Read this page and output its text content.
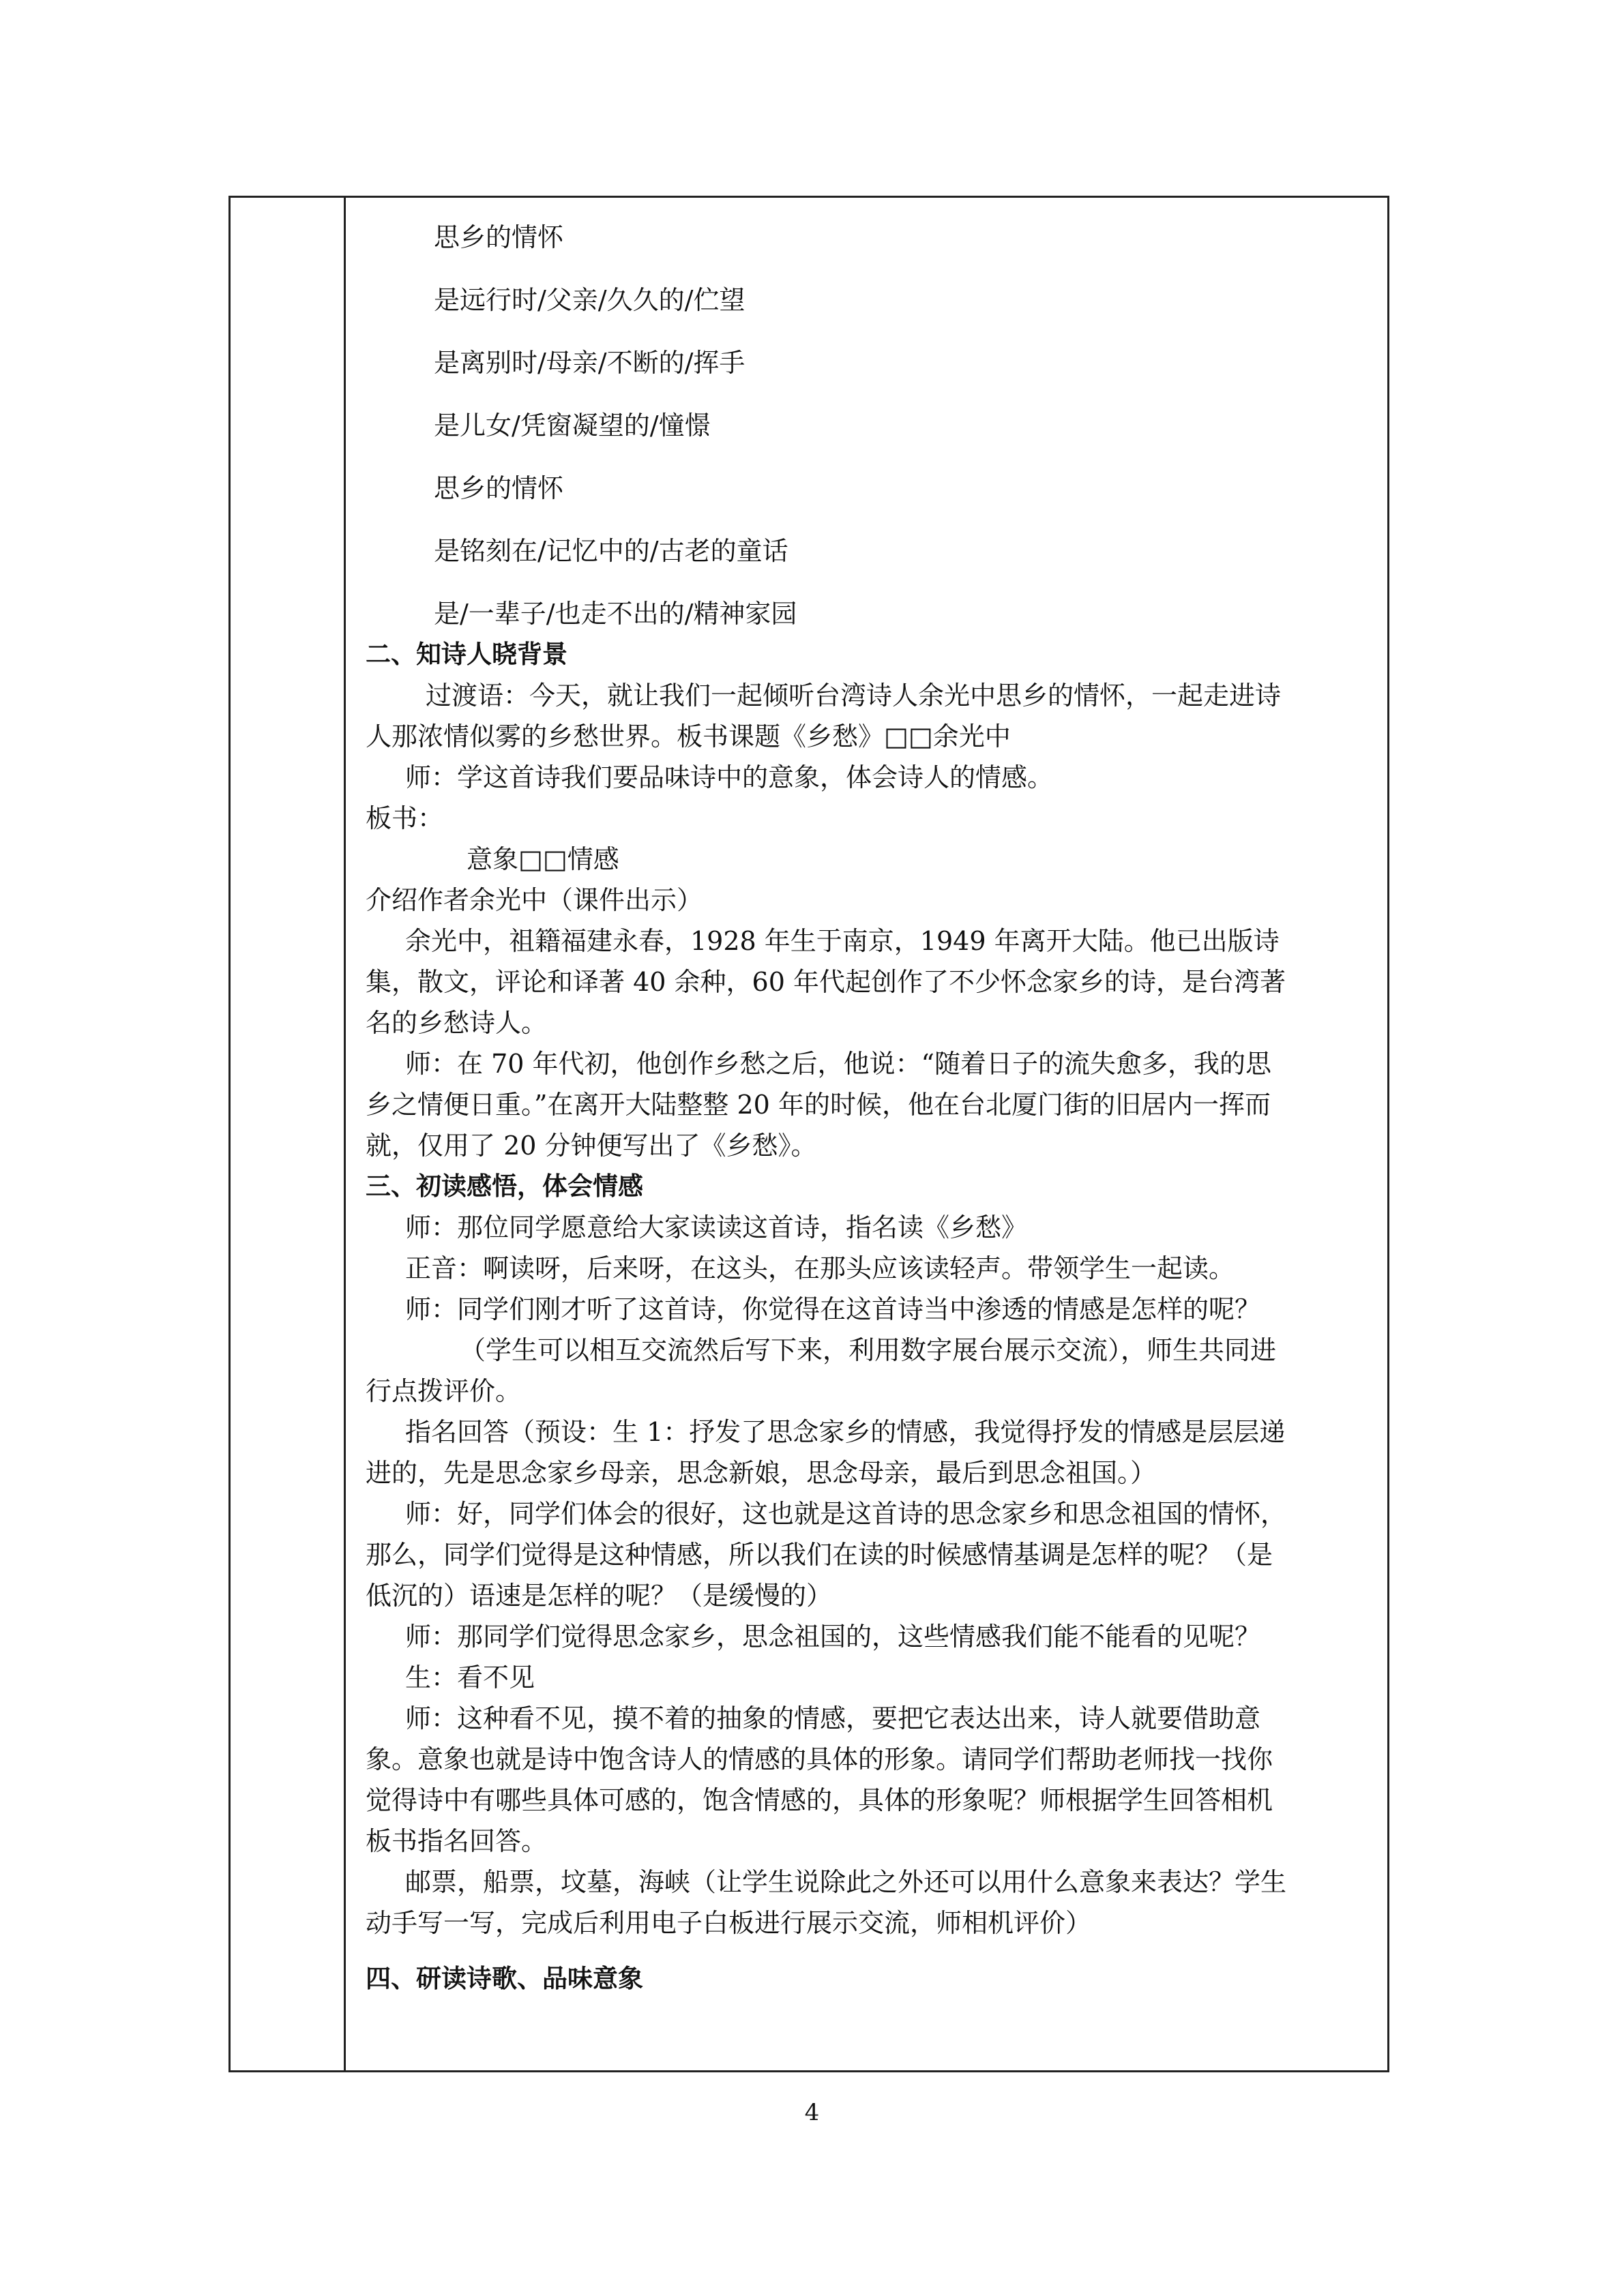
思乡的情怀
是远行时/父亲/久久的/伫望
是离别时/母亲/不断的/挥手
是儿女/凭窗凝望的/憧憬
思乡的情怀
是铭刻在/记忆中的/古老的童话
是/一辈子/也走不出的/精神家园
二、知诗人晓背景
过渡语：今天，就让我们一起倾听台湾诗人余光中思乡的情怀，一起走进诗
人那浓情似雾的乡愁世界。板书课题《乡愁》□□余光中
师：学这首诗我们要品味诗中的意象，体会诗人的情感。
板书：
意象□□情感
介绍作者余光中（课件出示）
余光中，祖籍福建永春，1928 年生于南京，1949 年离开大陆。他已出版诗
集，散文，评论和译著 40 余种，60 年代起创作了不少怀念家乡的诗，是台湾著
名的乡愁诗人。
师：在 70 年代初，他创作乡愁之后，他说：“随着日子的流失愈多，我的思
乡之情便日重。”在离开大陆整整 20 年的时候，他在台北厦门街的旧居内一挥而
就，仅用了 20 分钟便写出了《乡愁》。
三、初读感悟，体会情感
师：那位同学愿意给大家读读这首诗，指名读《乡愁》
正音：啊读呀，后来呀，在这头，在那头应该读轻声。带领学生一起读。
师：同学们刚才听了这首诗，你觉得在这首诗当中渗透的情感是怎样的呢？
（学生可以相互交流然后写下来，利用数字展台展示交流），师生共同进
行点拨评价。
指名回答（预设：生 1：抒发了思念家乡的情感，我觉得抒发的情感是层层递
进的，先是思念家乡母亲，思念新娘，思念母亲，最后到思念祖国。）
师：好，同学们体会的很好，这也就是这首诗的思念家乡和思念祖国的情怀，
那么，同学们觉得是这种情感，所以我们在读的时候感情基调是怎样的呢？（是
低沉的）语速是怎样的呢？（是缓慢的）
师：那同学们觉得思念家乡，思念祖国的，这些情感我们能不能看的见呢？
生：看不见
师：这种看不见，摸不着的抽象的情感，要把它表达出来，诗人就要借助意
象。意象也就是诗中饱含诗人的情感的具体的形象。请同学们帮助老师找一找你
觉得诗中有哪些具体可感的，饱含情感的，具体的形象呢？师根据学生回答相机
板书指名回答。
邮票，船票，坟墓，海峡（让学生说除此之外还可以用什么意象来表达？学生
动手写一写，完成后利用电子白板进行展示交流，师相机评价）
四、研读诗歌、品味意象
4
